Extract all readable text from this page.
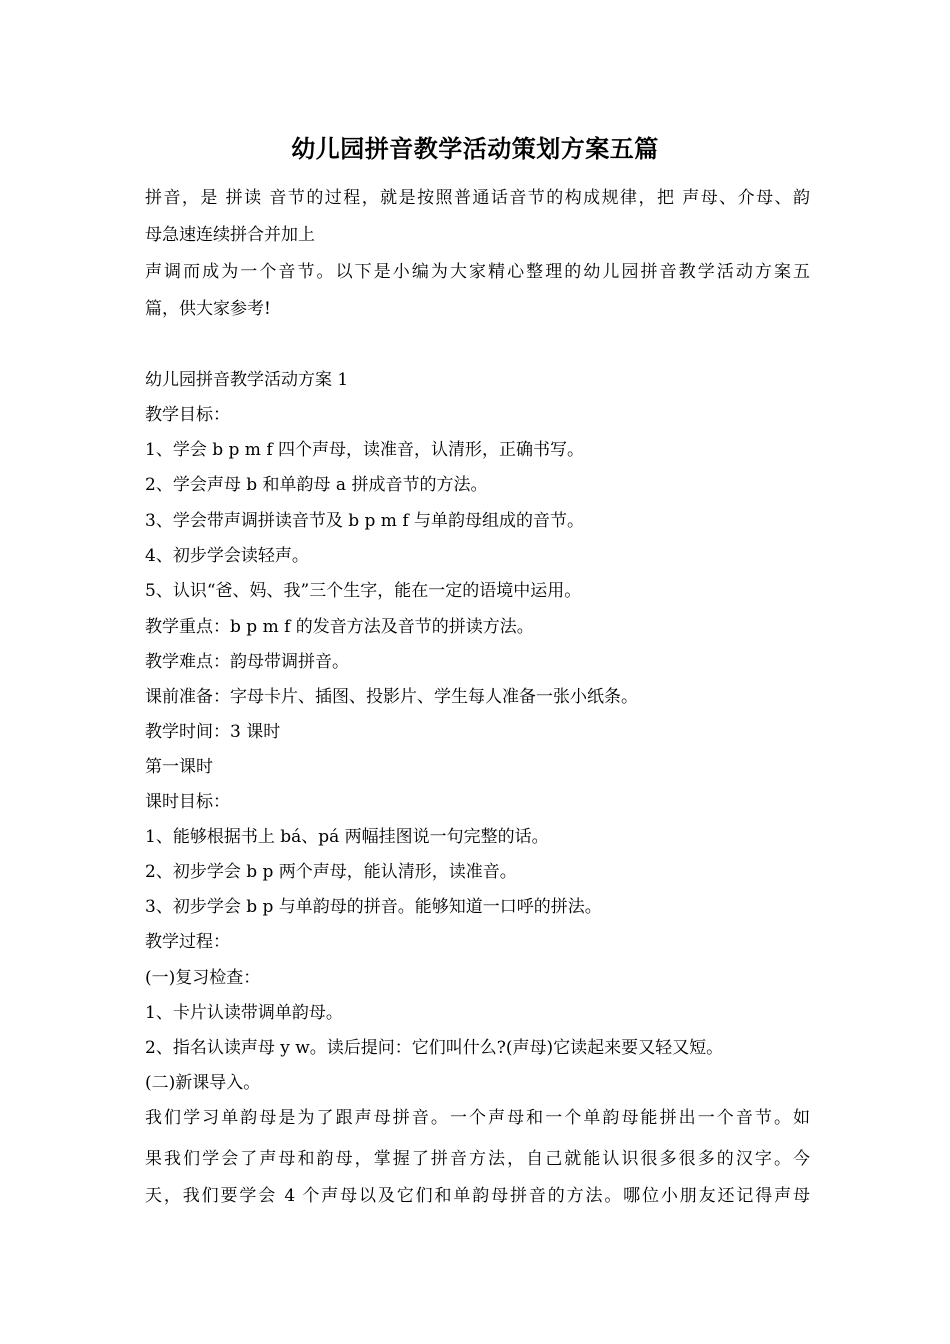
幼儿园拼音教学活动策划方案五篇
拼音，是 拼读 音节的过程，就是按照普通话音节的构成规律，把 声母、介母、韵
母急速连续拼合并加上
声调而成为一个音节。以下是小编为大家精心整理的幼儿园拼音教学活动方案五
篇，供大家参考!
幼儿园拼音教学活动方案 1
教学目标：
1、学会 b p m f 四个声母，读准音，认清形，正确书写。
2、学会声母 b 和单韵母 a 拼成音节的方法。
3、学会带声调拼读音节及 b p m f 与单韵母组成的音节。
4、初步学会读轻声。
5、认识“爸、妈、我”三个生字，能在一定的语境中运用。
教学重点：b p m f 的发音方法及音节的拼读方法。
教学难点：韵母带调拼音。
课前准备：字母卡片、插图、投影片、学生每人准备一张小纸条。
教学时间：3 课时
第一课时
课时目标：
1、能够根据书上 bá、pá 两幅挂图说一句完整的话。
2、初步学会 b p 两个声母，能认清形，读准音。
3、初步学会 b p 与单韵母的拼音。能够知道一口呼的拼法。
教学过程：
(一)复习检查：
1、卡片认读带调单韵母。
2、指名认读声母 y w。读后提问：它们叫什么?(声母)它读起来要又轻又短。
(二)新课导入。
我们学习单韵母是为了跟声母拼音。一个声母和一个单韵母能拼出一个音节。如
果我们学会了声母和韵母，掌握了拼音方法，自己就能认识很多很多的汉字。今
天，我们要学会 4 个声母以及它们和单韵母拼音的方法。哪位小朋友还记得声母
